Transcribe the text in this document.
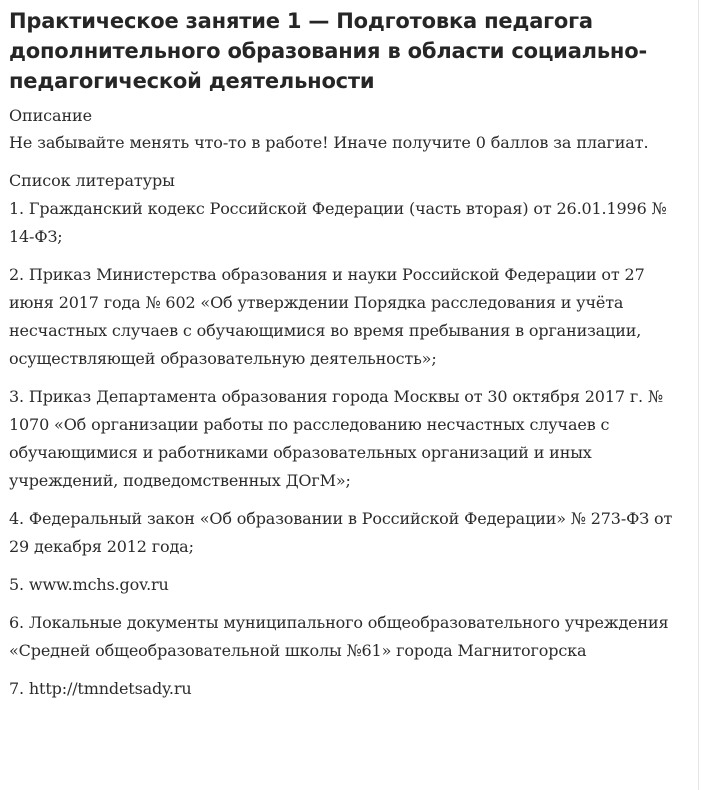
Практическое занятие 1 — Подготовка педагога дополнительного образования в области социально-педагогической деятельности
Описание
Не забывайте менять что-то в работе! Иначе получите 0 баллов за плагиат.
Список литературы
1. Гражданский кодекс Российской Федерации (часть вторая) от 26.01.1996 № 14-ФЗ;
2. Приказ Министерства образования и науки Российской Федерации от 27 июня 2017 года № 602 «Об утверждении Порядка расследования и учёта несчастных случаев с обучающимися во время пребывания в организации, осуществляющей образовательную деятельность»;
3. Приказ Департамента образования города Москвы от 30 октября 2017 г. № 1070 «Об организации работы по расследованию несчастных случаев с обучающимися и работниками образовательных организаций и иных учреждений, подведомственных ДОгМ»;
4. Федеральный закон «Об образовании в Российской Федерации» № 273-ФЗ от 29 декабря 2012 года;
5. www.mchs.gov.ru
6. Локальные документы муниципального общеобразовательного учреждения «Средней общеобразовательной школы №61» города Магнитогорска
7. http://tmndetsady.ru
